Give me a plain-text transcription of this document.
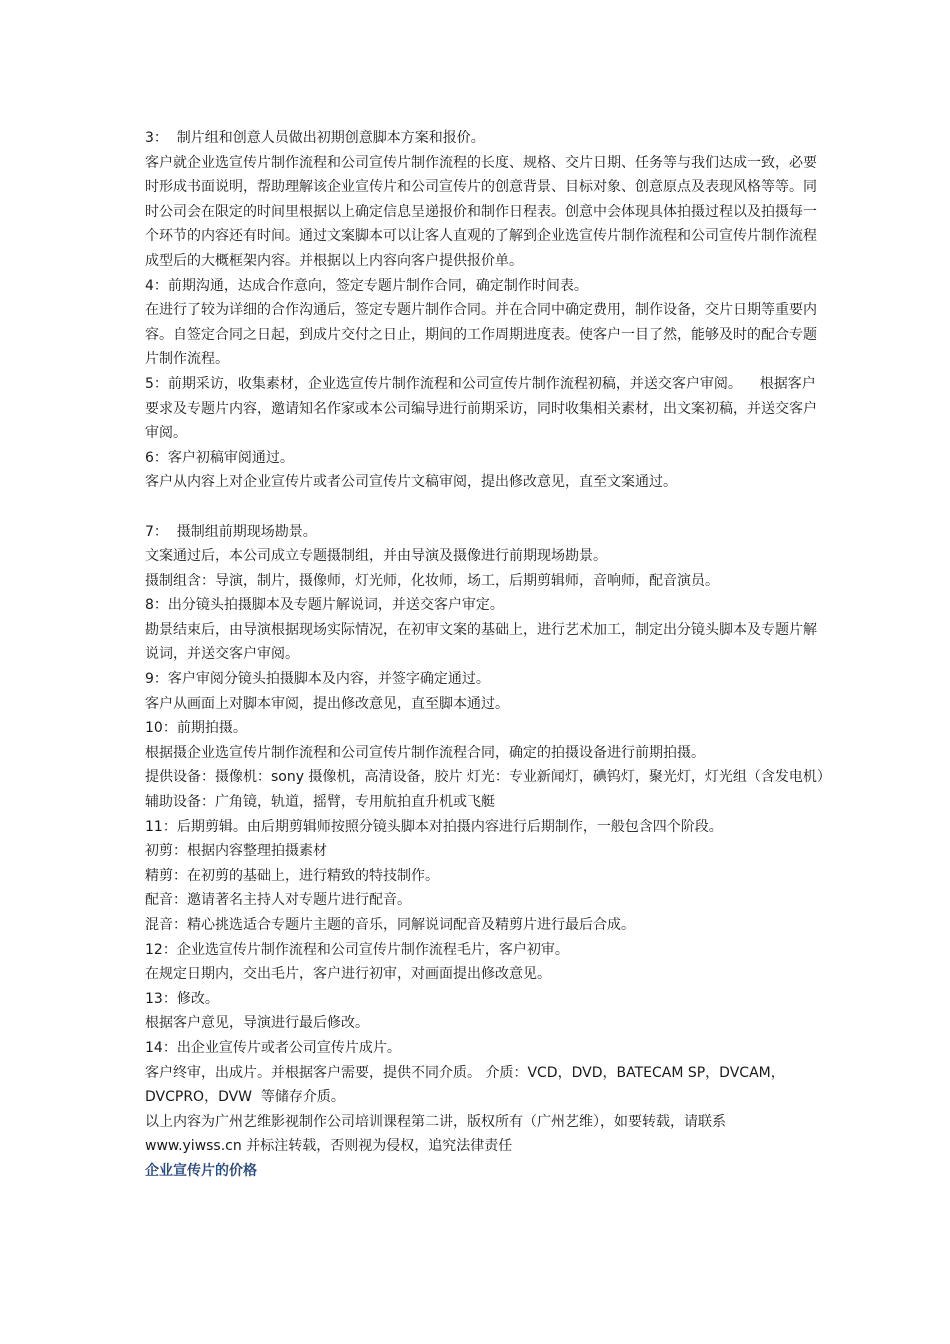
3：  制片组和创意人员做出初期创意脚本方案和报价。

客户就企业选宣传片制作流程和公司宣传片制作流程的长度、规格、交片日期、任务等与我们达成一致，必要时形成书面说明，帮助理解该企业宣传片和公司宣传片的创意背景、目标对象、创意原点及表现风格等等。同时公司会在限定的时间里根据以上确定信息呈递报价和制作日程表。创意中会体现具体拍摄过程以及拍摄每一个环节的内容还有时间。通过文案脚本可以让客人直观的了解到企业选宣传片制作流程和公司宣传片制作流程成型后的大概框架内容。并根据以上内容向客户提供报价单。

4：前期沟通，达成合作意向，签定专题片制作合同，确定制作时间表。

在进行了较为详细的合作沟通后，签定专题片制作合同。并在合同中确定费用，制作设备，交片日期等重要内容。自签定合同之日起，到成片交付之日止，期间的工作周期进度表。使客户一目了然，能够及时的配合专题片制作流程。

5：前期采访，收集素材，企业选宣传片制作流程和公司宣传片制作流程初稿，并送交客户审阅。    根据客户要求及专题片内容，邀请知名作家或本公司编导进行前期采访，同时收集相关素材，出文案初稿，并送交客户审阅。

6：客户初稿审阅通过。

客户从内容上对企业宣传片或者公司宣传片文稿审阅，提出修改意见，直至文案通过。

7：  摄制组前期现场勘景。

文案通过后，本公司成立专题摄制组，并由导演及摄像进行前期现场勘景。

摄制组含：导演，制片，摄像师，灯光师，化妆师，场工，后期剪辑师，音响师，配音演员。

8：出分镜头拍摄脚本及专题片解说词，并送交客户审定。

勘景结束后，由导演根据现场实际情况，在初审文案的基础上，进行艺术加工，制定出分镜头脚本及专题片解说词，并送交客户审阅。

9：客户审阅分镜头拍摄脚本及内容，并签字确定通过。

客户从画面上对脚本审阅，提出修改意见，直至脚本通过。

10：前期拍摄。

根据摄企业选宣传片制作流程和公司宣传片制作流程合同，确定的拍摄设备进行前期拍摄。

提供设备：摄像机：sony 摄像机，高清设备，胶片 灯光：专业新闻灯，碘钨灯，聚光灯，灯光组（含发电机）辅助设备：广角镜，轨道，摇臂，专用航拍直升机或飞艇

11：后期剪辑。由后期剪辑师按照分镜头脚本对拍摄内容进行后期制作，一般包含四个阶段。

初剪：根据内容整理拍摄素材

精剪：在初剪的基础上，进行精致的特技制作。

配音：邀请著名主持人对专题片进行配音。

混音：精心挑选适合专题片主题的音乐，同解说词配音及精剪片进行最后合成。

12：企业选宣传片制作流程和公司宣传片制作流程毛片，客户初审。

在规定日期内，交出毛片，客户进行初审，对画面提出修改意见。

13：修改。

根据客户意见，导演进行最后修改。

14：出企业宣传片或者公司宣传片成片。

客户终审，出成片。并根据客户需要，提供不同介质。 介质：VCD，DVD，BATECAM SP，DVCAM，DVCPRO，DVW  等储存介质。

以上内容为广州艺维影视制作公司培训课程第二讲，版权所有（广州艺维），如要转载，请联系 www.yiwss.cn 并标注转载，否则视为侵权，追究法律责任

企业宣传片的价格
